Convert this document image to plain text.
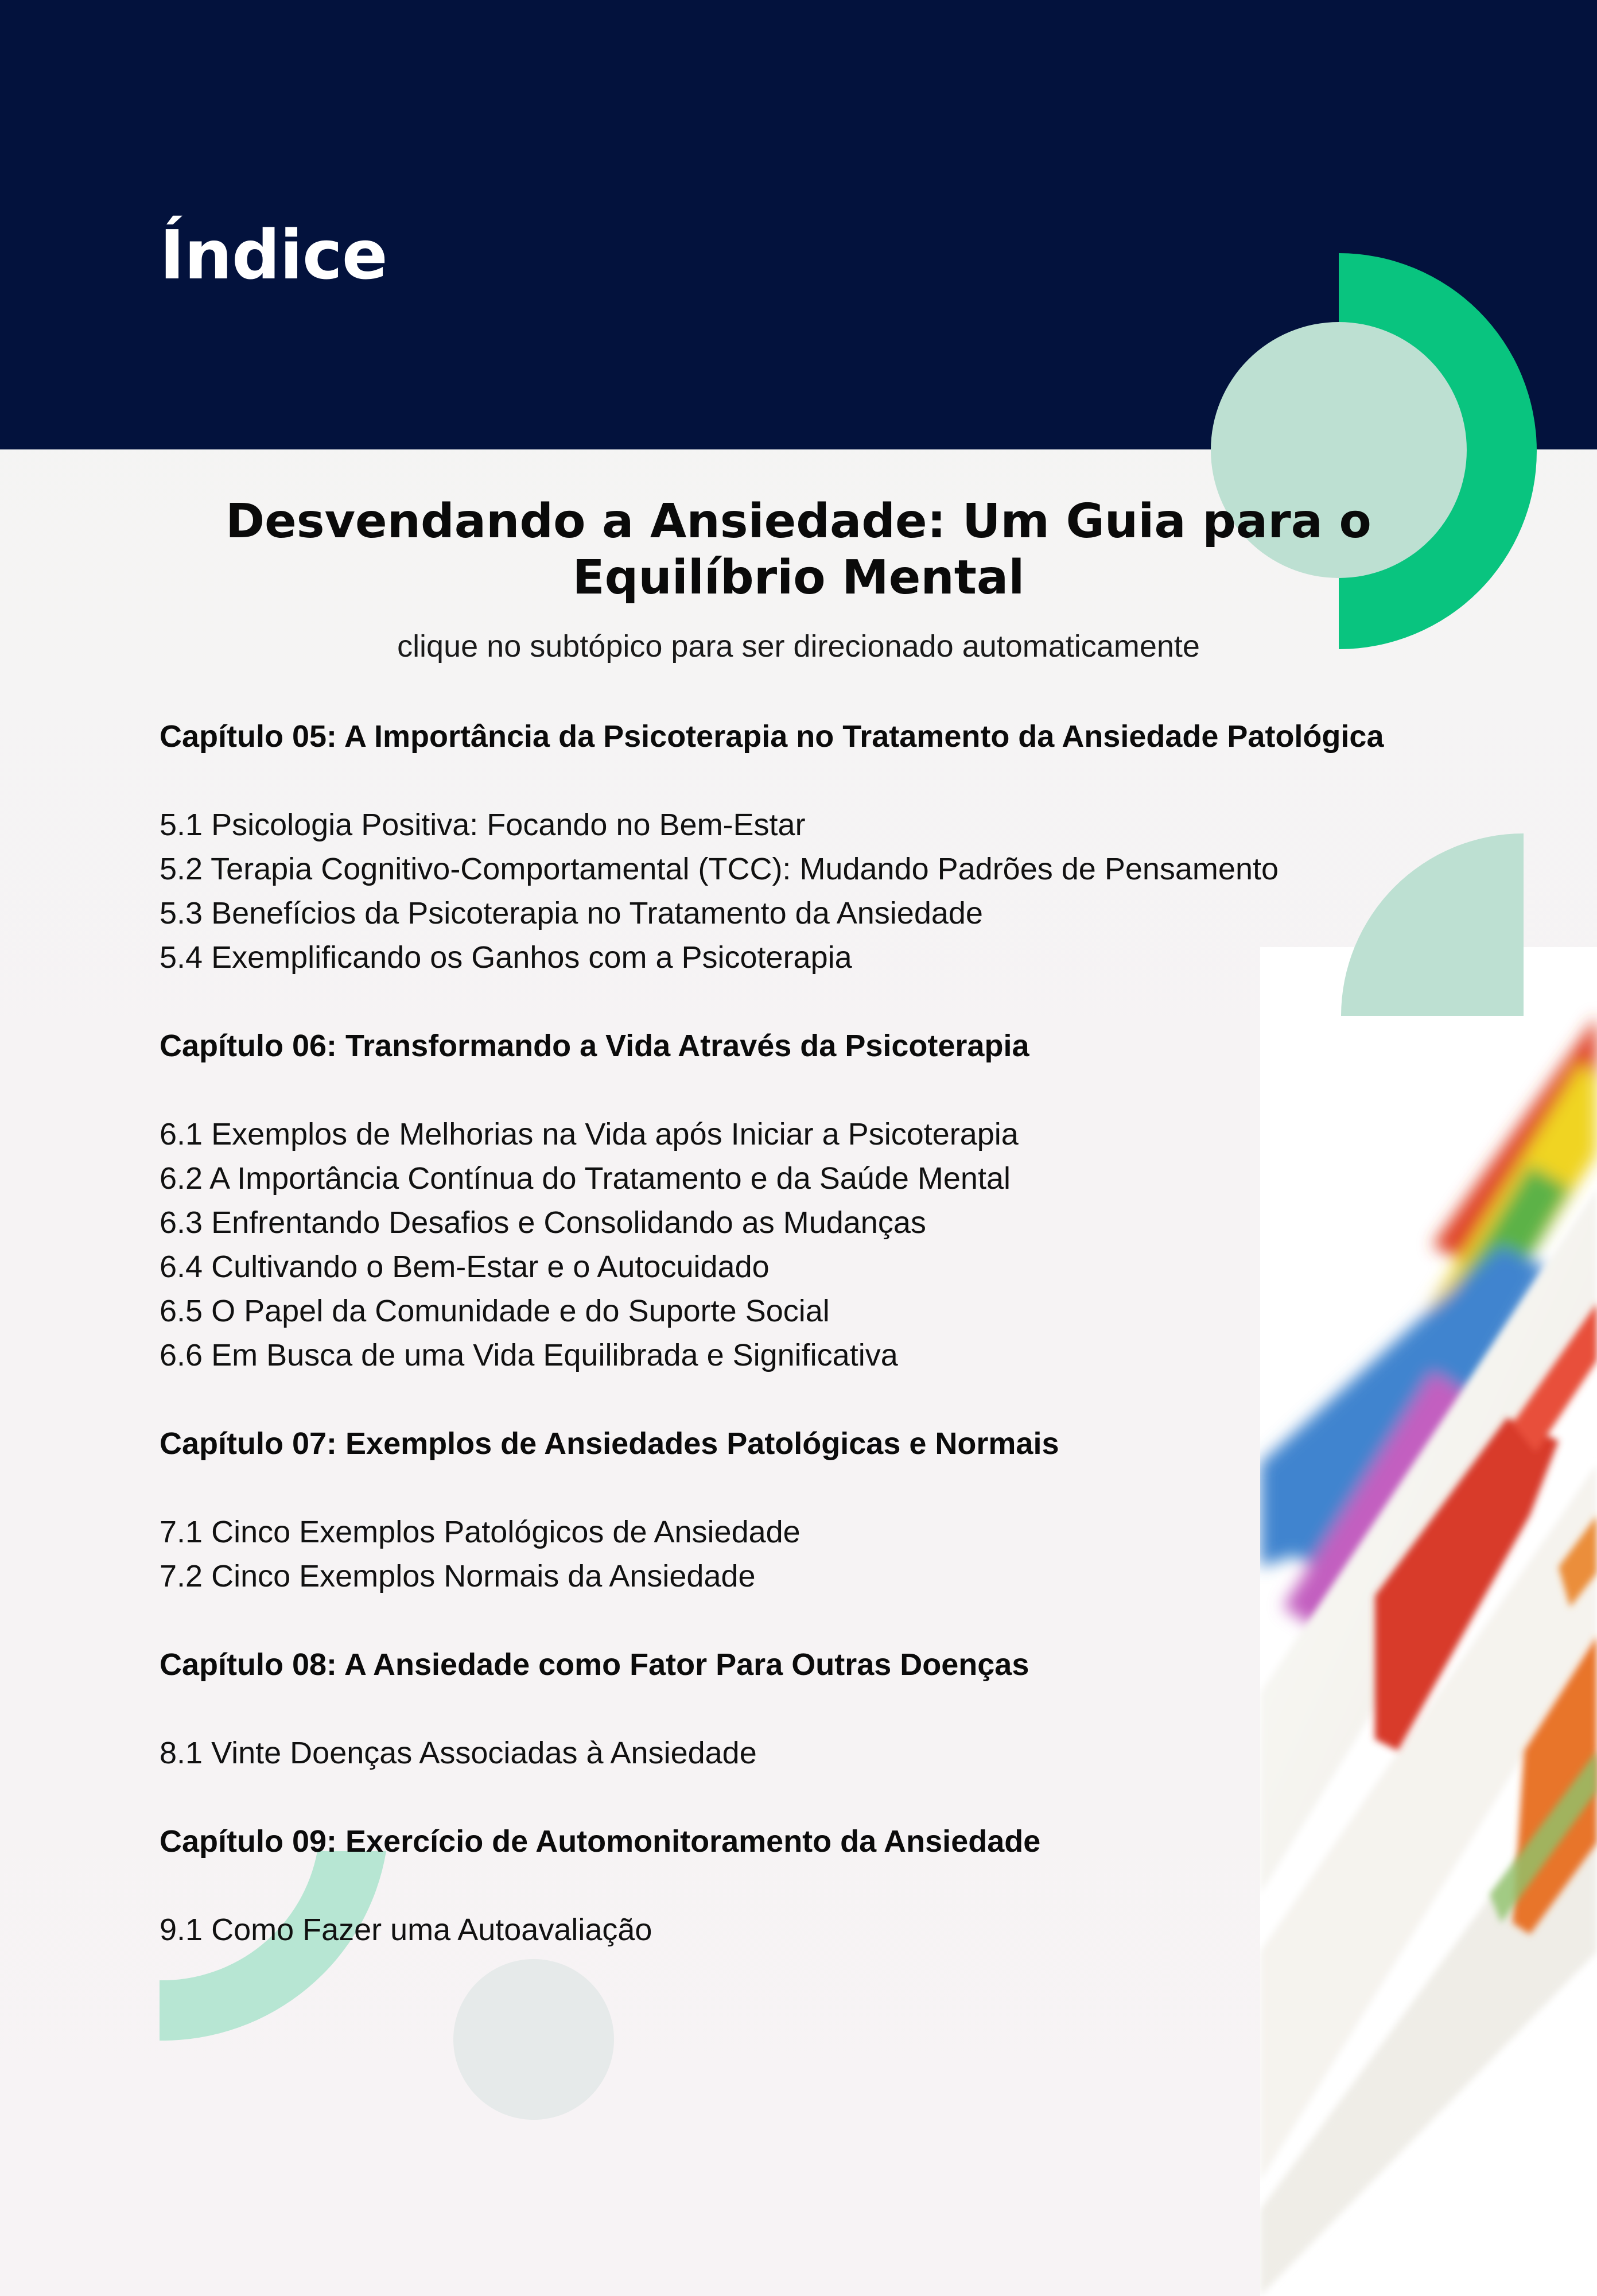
Índice
Desvendando a Ansiedade: Um Guia para o Equilíbrio Mental
clique no subtópico para ser direcionado automaticamente
Capítulo 05: A Importância da Psicoterapia no Tratamento da Ansiedade Patológica
5.1 Psicologia Positiva: Focando no Bem-Estar
5.2 Terapia Cognitivo-Comportamental (TCC): Mudando Padrões de Pensamento
5.3 Benefícios da Psicoterapia no Tratamento da Ansiedade
5.4 Exemplificando os Ganhos com a Psicoterapia
Capítulo 06: Transformando a Vida Através da Psicoterapia
6.1 Exemplos de Melhorias na Vida após Iniciar a Psicoterapia
6.2 A Importância Contínua do Tratamento e da Saúde Mental
6.3 Enfrentando Desafios e Consolidando as Mudanças
6.4 Cultivando o Bem-Estar e o Autocuidado
6.5 O Papel da Comunidade e do Suporte Social
6.6 Em Busca de uma Vida Equilibrada e Significativa
Capítulo 07: Exemplos de Ansiedades Patológicas e Normais
7.1 Cinco Exemplos Patológicos de Ansiedade
7.2 Cinco Exemplos Normais da Ansiedade
Capítulo 08: A Ansiedade como Fator Para Outras Doenças
8.1 Vinte Doenças Associadas à Ansiedade
Capítulo 09: Exercício de Automonitoramento da Ansiedade
9.1 Como Fazer uma Autoavaliação
